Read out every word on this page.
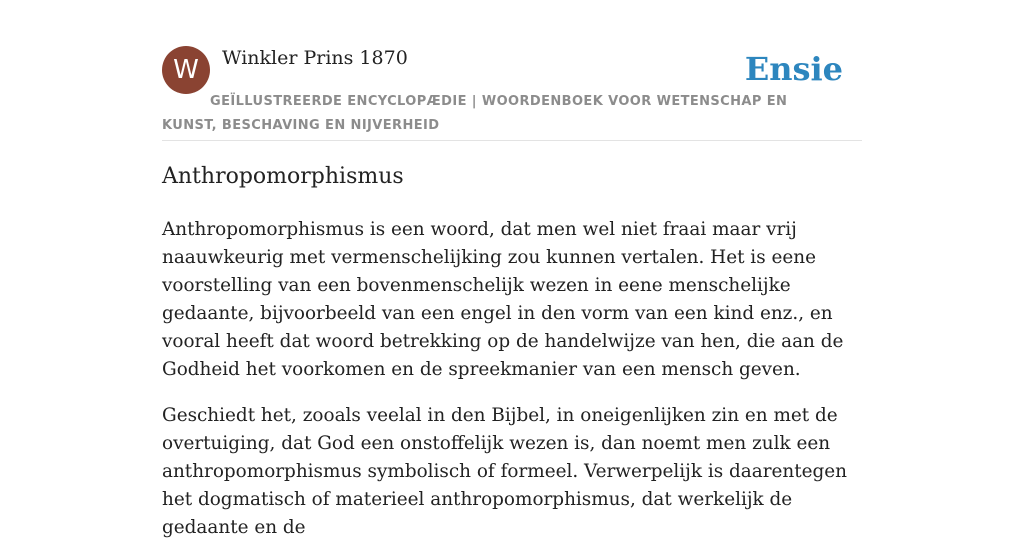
W	Winkler Prins 1870
GEÏLLUSTREERDE ENCYCLOPÆDIE | WOORDENBOEK VOOR WETENSCHAP EN KUNST, BESCHAVING EN NIJVERHEID
Ensie
Anthropomorphismus

Anthropomorphismus is een woord, dat men wel niet fraai maar vrij naauwkeurig met vermenschelijking zou kunnen vertalen. Het is eene voorstelling van een bovenmenschelijk wezen in eene menschelijke gedaante, bijvoorbeeld van een engel in den vorm van een kind enz., en vooral heeft dat woord betrekking op de handelwijze van hen, die aan de Godheid het voorkomen en de spreekmanier van een mensch geven.

Geschiedt het, zooals veelal in den Bijbel, in oneigenlijken zin en met de overtuiging, dat God een onstoffelijk wezen is, dan noemt men zulk een anthropomorphismus symbolisch of formeel. Verwerpelijk is daarentegen het dogmatisch of materieel anthropomorphismus, dat werkelijk de gedaante en de
